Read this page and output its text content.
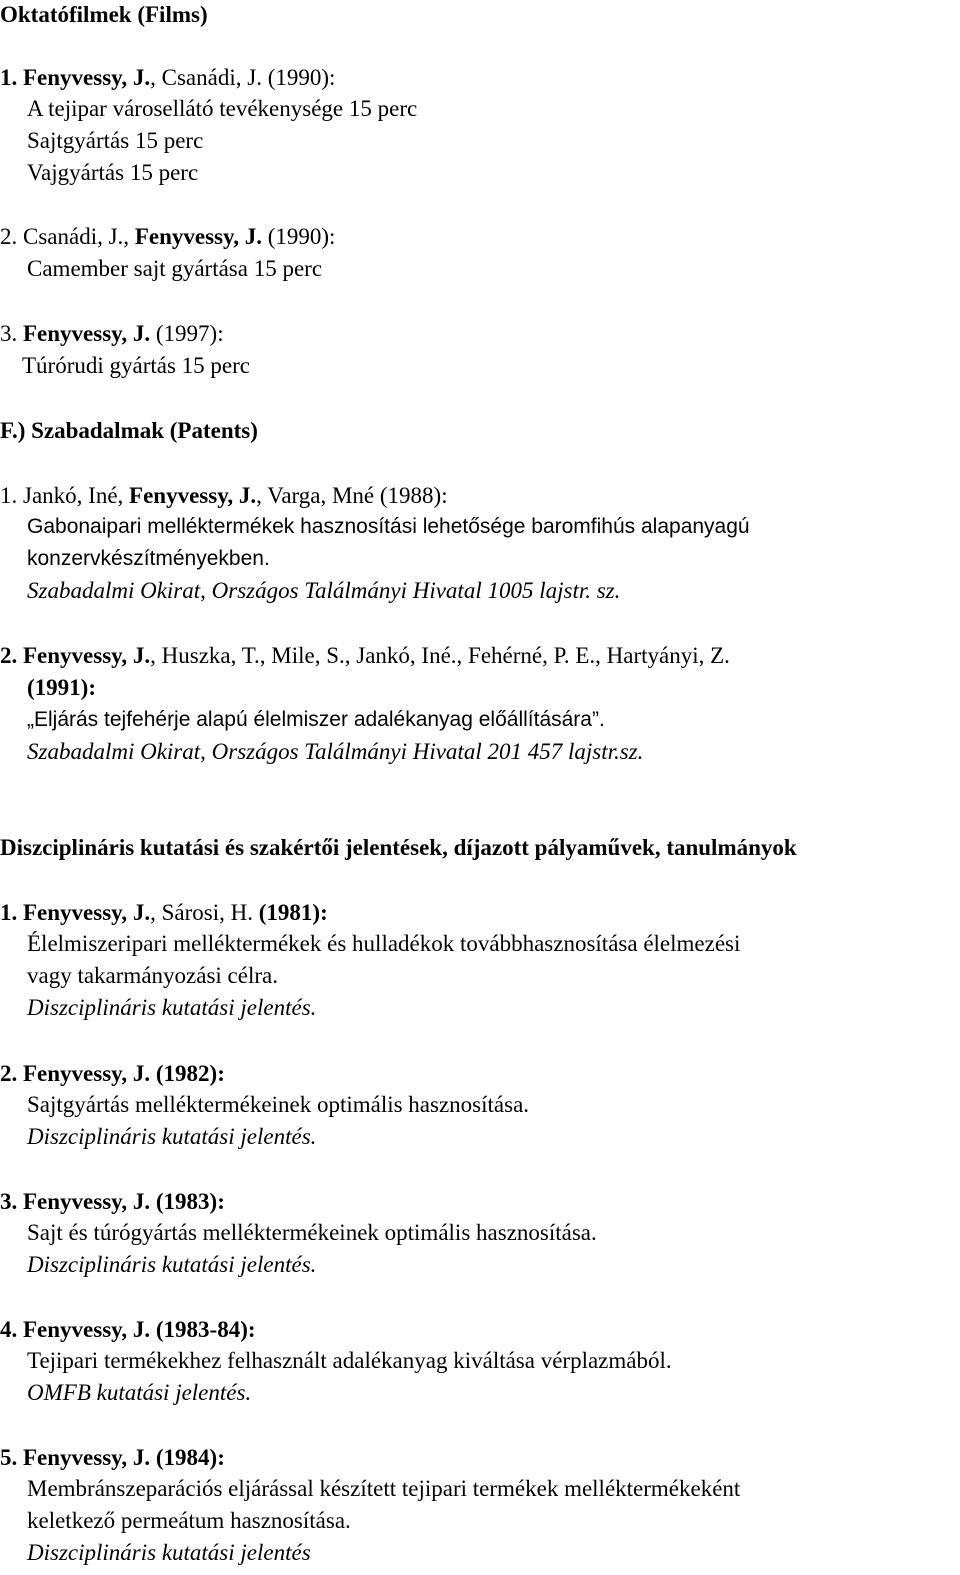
Oktatófilmek (Films)
1. Fenyvessy, J., Csanádi, J. (1990):
A tejipar városellátó tevékenysége 15 perc
Sajtgyártás 15 perc
Vajgyártás 15 perc
2. Csanádi, J., Fenyvessy, J. (1990):
Camember sajt gyártása 15 perc
3. Fenyvessy, J. (1997):
Túrórudi gyártás 15 perc
F.) Szabadalmak (Patents)
1. Jankó, Iné, Fenyvessy, J., Varga, Mné (1988):
Gabonaipari melléktermékek hasznosítási lehetősége baromfihús alapanyagú
konzervkészítményekben.
Szabadalmi Okirat, Országos Találmányi Hivatal 1005 lajstr. sz.
2. Fenyvessy, J., Huszka, T., Mile, S., Jankó, Iné., Fehérné, P. E., Hartyányi, Z.
(1991):
„Eljárás tejfehérje alapú élelmiszer adalékanyag előállítására”.
Szabadalmi Okirat, Országos Találmányi Hivatal 201 457 lajstr.sz.
Diszciplináris kutatási és szakértői jelentések, díjazott pályaművek, tanulmányok
1. Fenyvessy, J., Sárosi, H. (1981):
Élelmiszeripari melléktermékek és hulladékok továbbhasznosítása élelmezési
vagy takarmányozási célra.
Diszciplináris kutatási jelentés.
2. Fenyvessy, J. (1982):
Sajtgyártás melléktermékeinek optimális hasznosítása.
Diszciplináris kutatási jelentés.
3. Fenyvessy, J. (1983):
Sajt és túrógyártás melléktermékeinek optimális hasznosítása.
Diszciplináris kutatási jelentés.
4. Fenyvessy, J. (1983-84):
Tejipari termékekhez felhasznált adalékanyag kiváltása vérplazmából.
OMFB kutatási jelentés.
5. Fenyvessy, J. (1984):
Membránszeparációs eljárással készített tejipari termékek melléktermékeként
keletkező permeátum hasznosítása.
Diszciplináris kutatási jelentés
